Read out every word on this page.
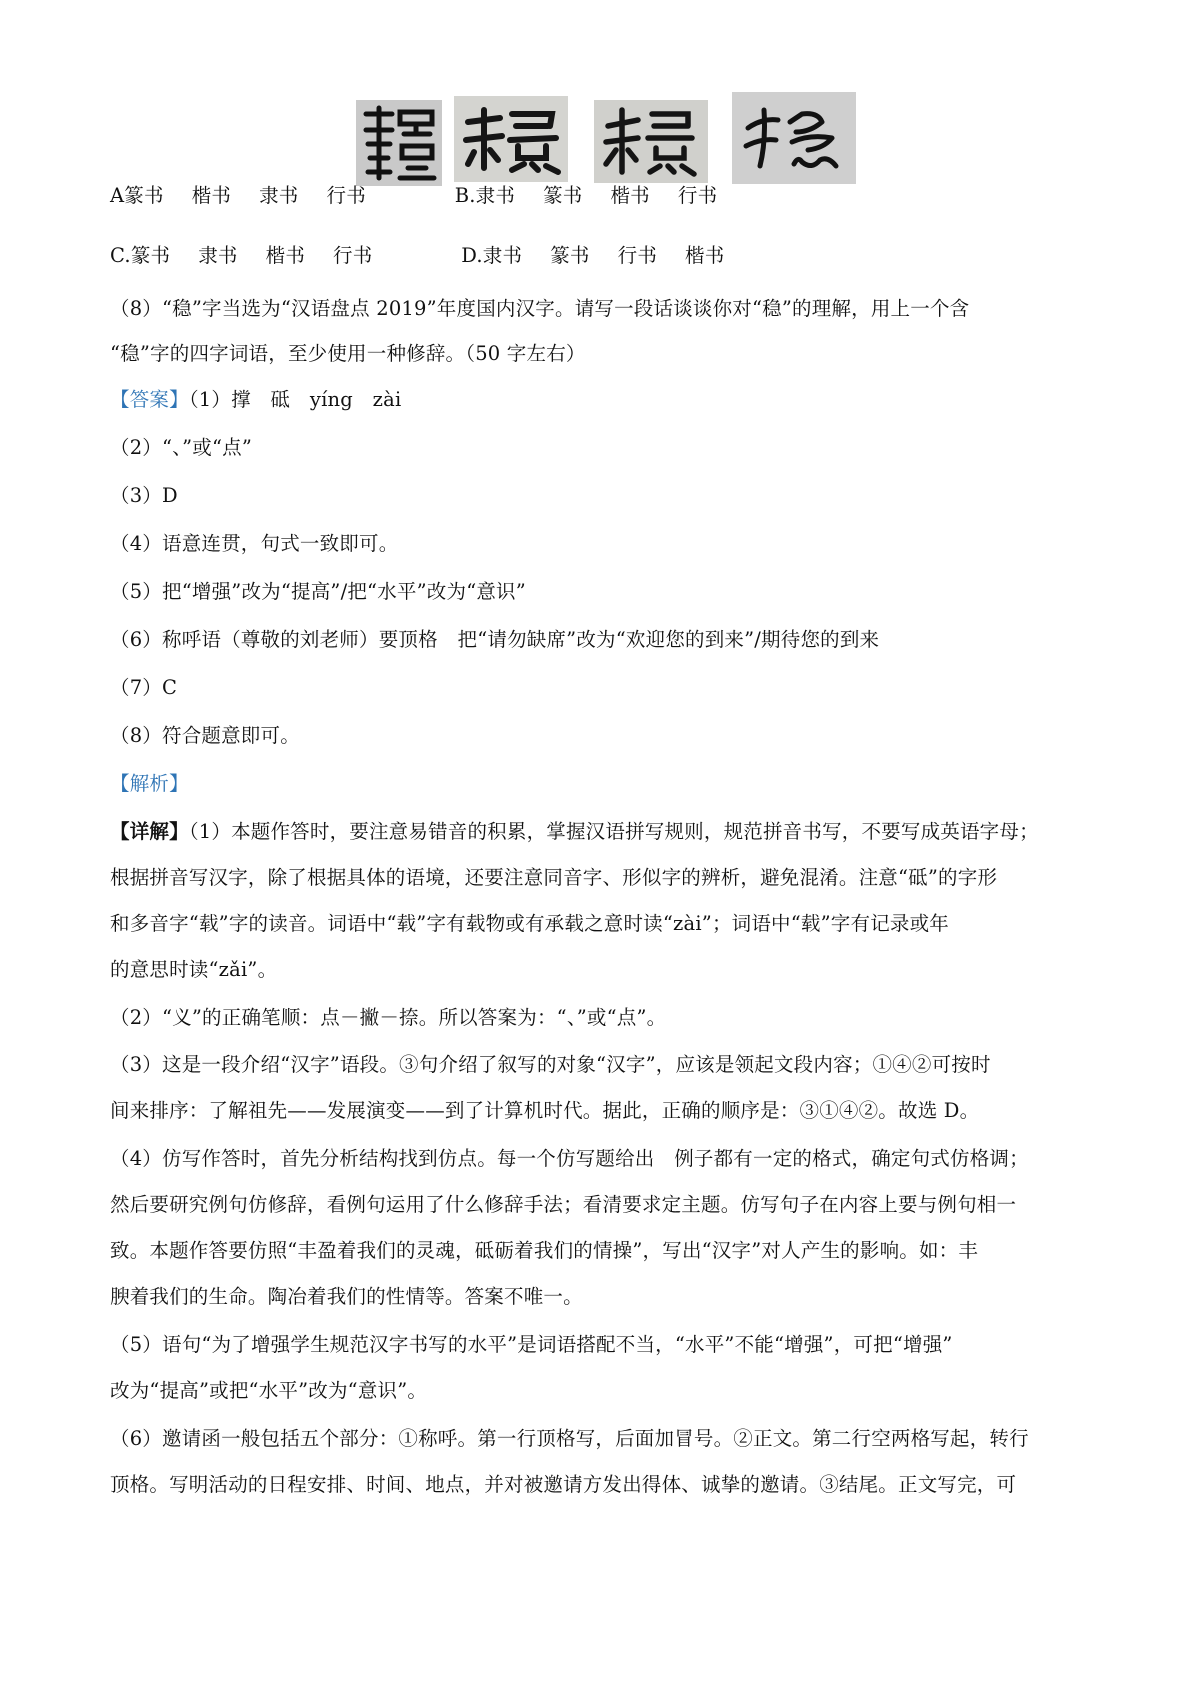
A篆书 楷书 隶书 行书	B.隶书 篆书 楷书 行书
C.篆书 隶书 楷书 行书	D.隶书 篆书 行书 楷书
（8）“稳”字当选为“汉语盘点 2019”年度国内汉字。请写一段话谈谈你对“稳”的理解，用上一个含
“稳”字的四字词语，至少使用一种修辞。（50 字左右）
【答案】（1）撑　砥　yíng　zài
（2）“、”或“点”
（3）D
（4）语意连贯，句式一致即可。
（5）把“增强”改为“提高”/把“水平”改为“意识”
（6）称呼语（尊敬的刘老师）要顶格　把“请勿缺席”改为“欢迎您的到来”/期待您的到来
（7）C
（8）符合题意即可。
【解析】
【详解】（1）本题作答时，要注意易错音的积累，掌握汉语拼写规则，规范拼音书写，不要写成英语字母；
根据拼音写汉字，除了根据具体的语境，还要注意同音字、形似字的辨析，避免混淆。注意“砥”的字形
和多音字“载”字的读音。词语中“载”字有载物或有承载之意时读“zài”；词语中“载”字有记录或年
的意思时读“zǎi”。
（2）“义”的正确笔顺：点－撇－捺。所以答案为：“、”或“点”。
（3）这是一段介绍“汉字”语段。③句介绍了叙写的对象“汉字”，应该是领起文段内容；①④②可按时
间来排序：了解祖先——发展演变——到了计算机时代。据此，正确的顺序是：③①④②。故选 D。
（4）仿写作答时，首先分析结构找到仿点。每一个仿写题给出　例子都有一定的格式，确定句式仿格调；
然后要研究例句仿修辞，看例句运用了什么修辞手法；看清要求定主题。仿写句子在内容上要与例句相一
致。本题作答要仿照“丰盈着我们的灵魂，砥砺着我们的情操”，写出“汉字”对人产生的影响。如：丰
腴着我们的生命。陶冶着我们的性情等。答案不唯一。
（5）语句“为了增强学生规范汉字书写的水平”是词语搭配不当，“水平”不能“增强”，可把“增强”
改为“提高”或把“水平”改为“意识”。
（6）邀请函一般包括五个部分：①称呼。第一行顶格写，后面加冒号。②正文。第二行空两格写起，转行
顶格。写明活动的日程安排、时间、地点，并对被邀请方发出得体、诚挚的邀请。③结尾。正文写完，可
